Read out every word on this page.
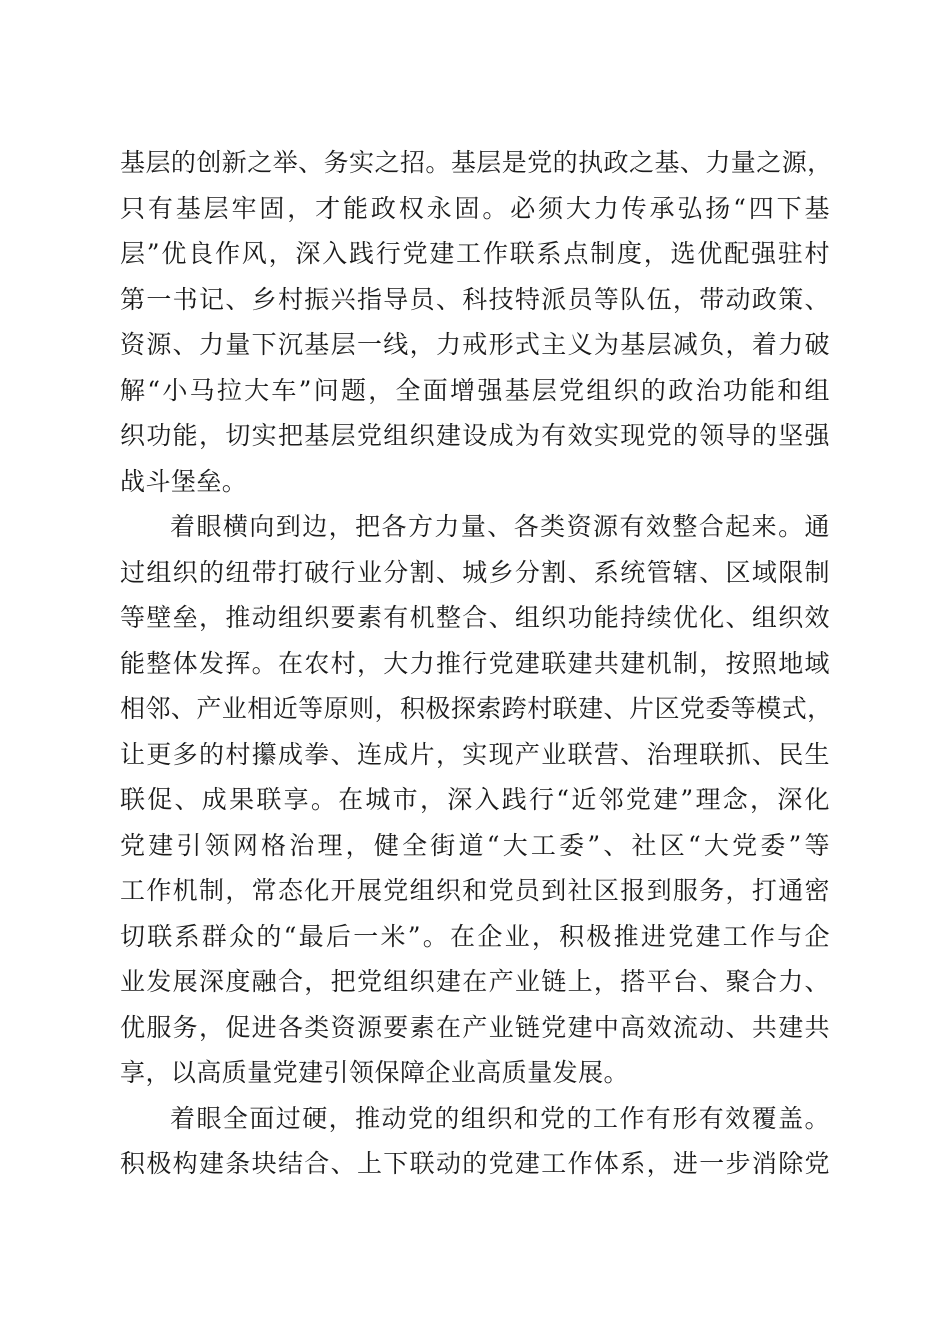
基层的创新之举、务实之招。基层是党的执政之基、力量之源，
只有基层牢固，才能政权永固。必须大力传承弘扬“四下基
层”优良作风，深入践行党建工作联系点制度，选优配强驻村
第一书记、乡村振兴指导员、科技特派员等队伍，带动政策、
资源、力量下沉基层一线，力戒形式主义为基层减负，着力破
解“小马拉大车”问题，全面增强基层党组织的政治功能和组
织功能，切实把基层党组织建设成为有效实现党的领导的坚强
战斗堡垒。
着眼横向到边，把各方力量、各类资源有效整合起来。通
过组织的纽带打破行业分割、城乡分割、系统管辖、区域限制
等壁垒，推动组织要素有机整合、组织功能持续优化、组织效
能整体发挥。在农村，大力推行党建联建共建机制，按照地域
相邻、产业相近等原则，积极探索跨村联建、片区党委等模式，
让更多的村攥成拳、连成片，实现产业联营、治理联抓、民生
联促、成果联享。在城市，深入践行“近邻党建”理念，深化
党建引领网格治理，健全街道“大工委”、社区“大党委”等
工作机制，常态化开展党组织和党员到社区报到服务，打通密
切联系群众的“最后一米”。在企业，积极推进党建工作与企
业发展深度融合，把党组织建在产业链上，搭平台、聚合力、
优服务，促进各类资源要素在产业链党建中高效流动、共建共
享，以高质量党建引领保障企业高质量发展。
着眼全面过硬，推动党的组织和党的工作有形有效覆盖。
积极构建条块结合、上下联动的党建工作体系，进一步消除党
